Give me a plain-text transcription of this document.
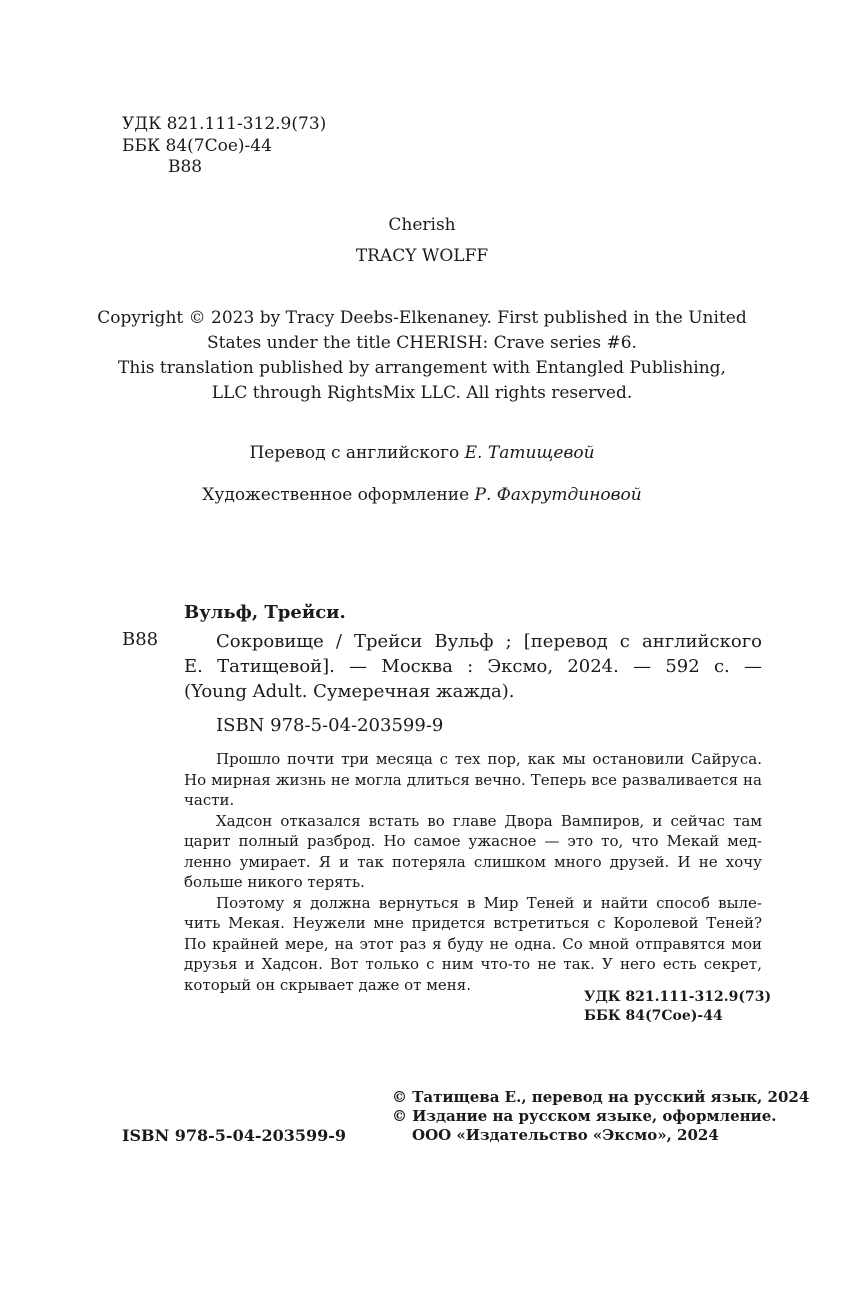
УДК 821.111-312.9(73)
ББК 84(7Сое)-44
В88
Cherish
TRACY WOLFF
Copyright © 2023 by Tracy Deebs-Elkenaney. First published in the United
States under the title CHERISH: Crave series #6.
This translation published by arrangement with Entangled Publishing,
LLC through RightsMix LLC. All rights reserved.
Перевод с английского Е. Татищевой
Художественное оформление Р. Фахрутдиновой
Вульф, Трейси.
В88	Сокровище / Трейси Вульф ; [перевод с английского
Е. Татищевой]. — Москва : Эксмо, 2024. — 592 с. —
(Young Adult. Сумеречная жажда).
ISBN 978-5-04-203599-9
Прошло почти три месяца с тех пор, как мы остановили Сайруса.
Но мирная жизнь не могла длиться вечно. Теперь все разваливается на
части.
Хадсон отказался встать во главе Двора Вампиров, и сейчас там
царит полный разброд. Но самое ужасное — это то, что Мекай мед-
ленно умирает. Я и так потеряла слишком много друзей. И не хочу
больше никого терять.
Поэтому я должна вернуться в Мир Теней и найти способ выле-
чить Мекая. Неужели мне придется встретиться с Королевой Теней?
По крайней мере, на этот раз я буду не одна. Со мной отправятся мои
друзья и Хадсон. Вот только с ним что-то не так. У него есть секрет,
который он скрывает даже от меня.
УДК 821.111-312.9(73)
ББК 84(7Сое)-44
© Татищева Е., перевод на русский язык, 2024
© Издание на русском языке, оформление.
ISBN 978-5-04-203599-9	ООО «Издательство «Эксмо», 2024
